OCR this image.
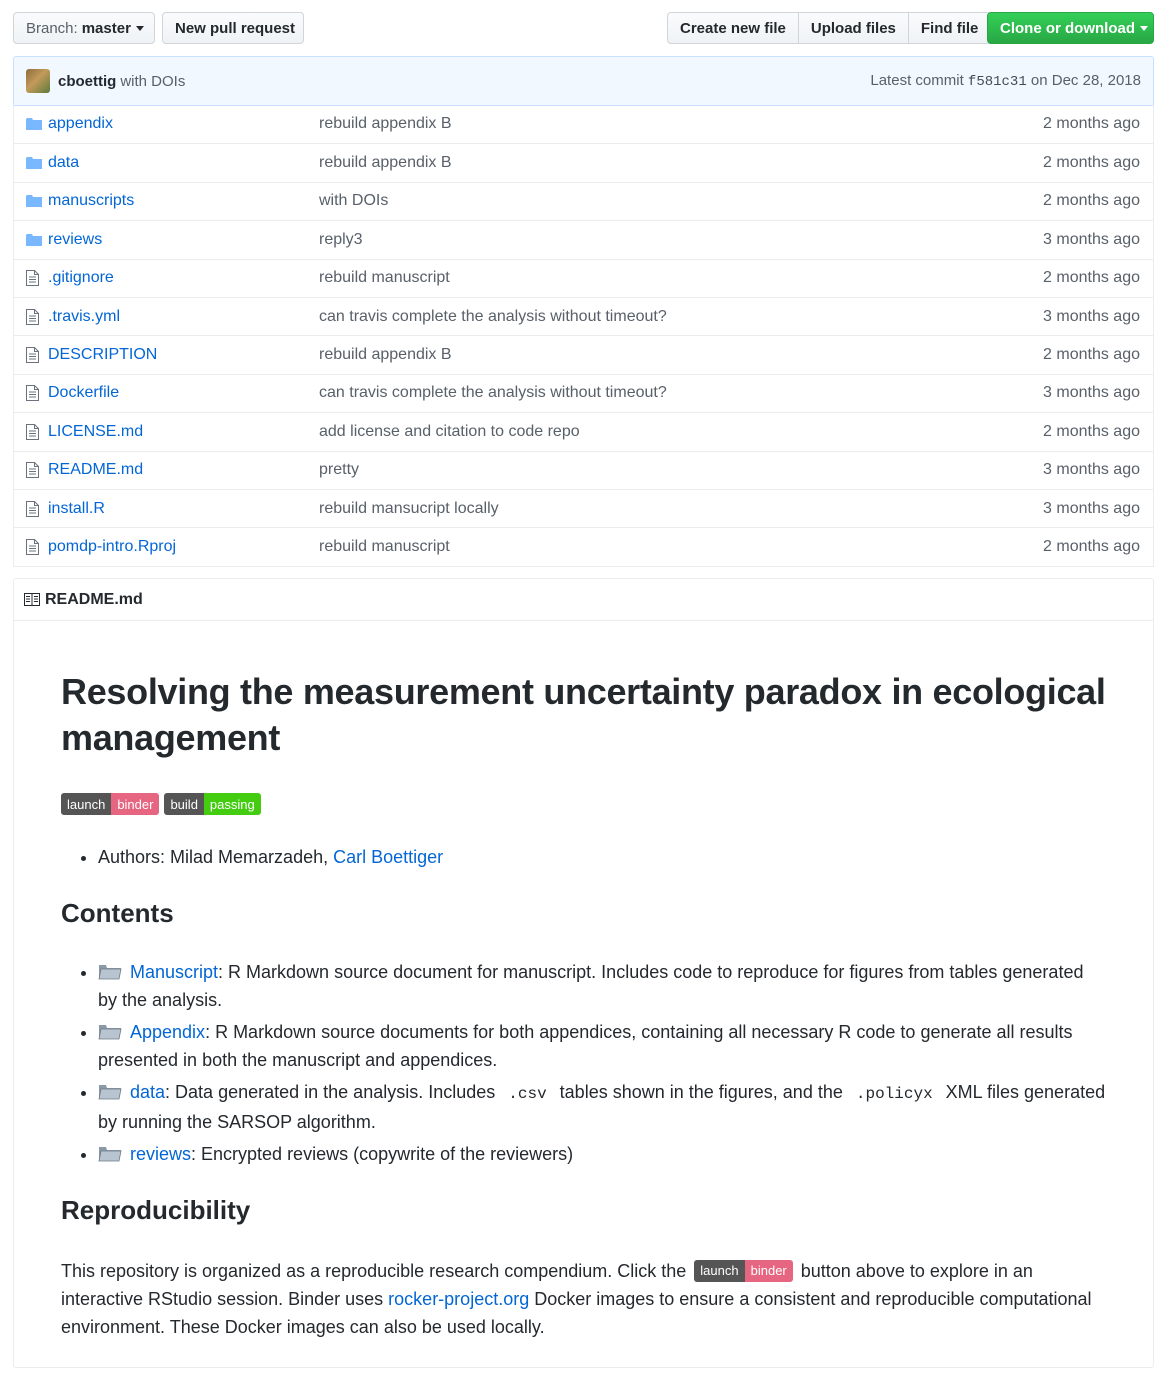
Branch: master	New pull request	Create new file	Upload files	Find file	Clone or download
cboettig with DOIs	Latest commit f581c31 on Dec 28, 2018
appendix	rebuild appendix B	2 months ago
data	rebuild appendix B	2 months ago
manuscripts	with DOIs	2 months ago
reviews	reply3	3 months ago
.gitignore	rebuild manuscript	2 months ago
.travis.yml	can travis complete the analysis without timeout?	3 months ago
DESCRIPTION	rebuild appendix B	2 months ago
Dockerfile	can travis complete the analysis without timeout?	3 months ago
LICENSE.md	add license and citation to code repo	2 months ago
README.md	pretty	3 months ago
install.R	rebuild mansucript locally	3 months ago
pomdp-intro.Rproj	rebuild manuscript	2 months ago
README.md
Resolving the measurement uncertainty paradox in ecological management
launch binder	build passing
• Authors: Milad Memarzadeh, Carl Boettiger
Contents
• Manuscript: R Markdown source document for manuscript. Includes code to reproduce for figures from tables generated by the analysis.
• Appendix: R Markdown source documents for both appendices, containing all necessary R code to generate all results presented in both the manuscript and appendices.
• data: Data generated in the analysis. Includes .csv tables shown in the figures, and the .policyx XML files generated by running the SARSOP algorithm.
• reviews: Encrypted reviews (copywrite of the reviewers)
Reproducibility

This repository is organized as a reproducible research compendium. Click the launch binder button above to explore in an interactive RStudio session. Binder uses rocker-project.org Docker images to ensure a consistent and reproducible computational environment. These Docker images can also be used locally.
